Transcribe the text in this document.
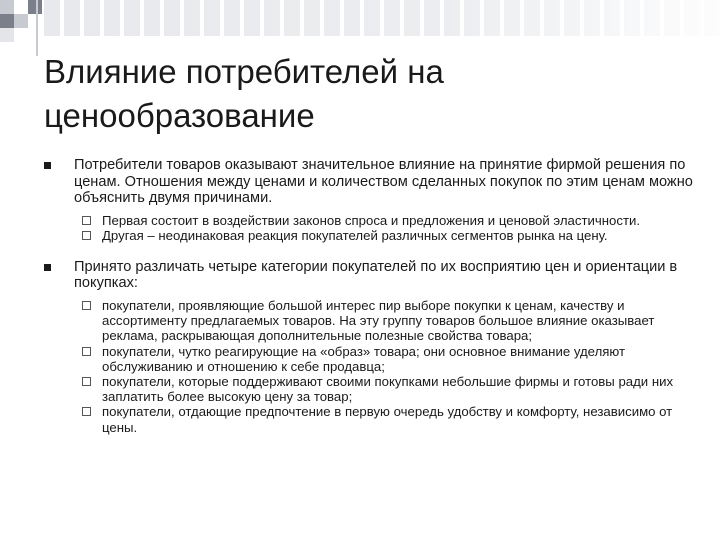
Влияние потребителей на ценообразование
Потребители товаров оказывают значительное влияние на принятие фирмой решения по ценам. Отношения между ценами и количеством сделанных покупок по этим ценам можно объяснить двумя причинами.
Первая состоит в воздействии законов спроса и предложения и ценовой эластичности.
Другая – неодинаковая реакция покупателей различных сегментов рынка на цену.
Принято различать четыре категории покупателей по их восприятию цен и ориентации в покупках:
покупатели, проявляющие большой интерес пир выборе покупки к ценам, качеству и ассортименту предлагаемых товаров. На эту группу товаров большое влияние оказывает реклама, раскрывающая дополнительные полезные свойства товара;
покупатели, чутко реагирующие на «образ» товара; они основное внимание уделяют обслуживанию и отношению к себе продавца;
покупатели, которые поддерживают своими покупками небольшие фирмы и готовы ради них заплатить более высокую цену за товар;
покупатели, отдающие предпочтение в первую очередь удобству и комфорту, независимо от цены.
